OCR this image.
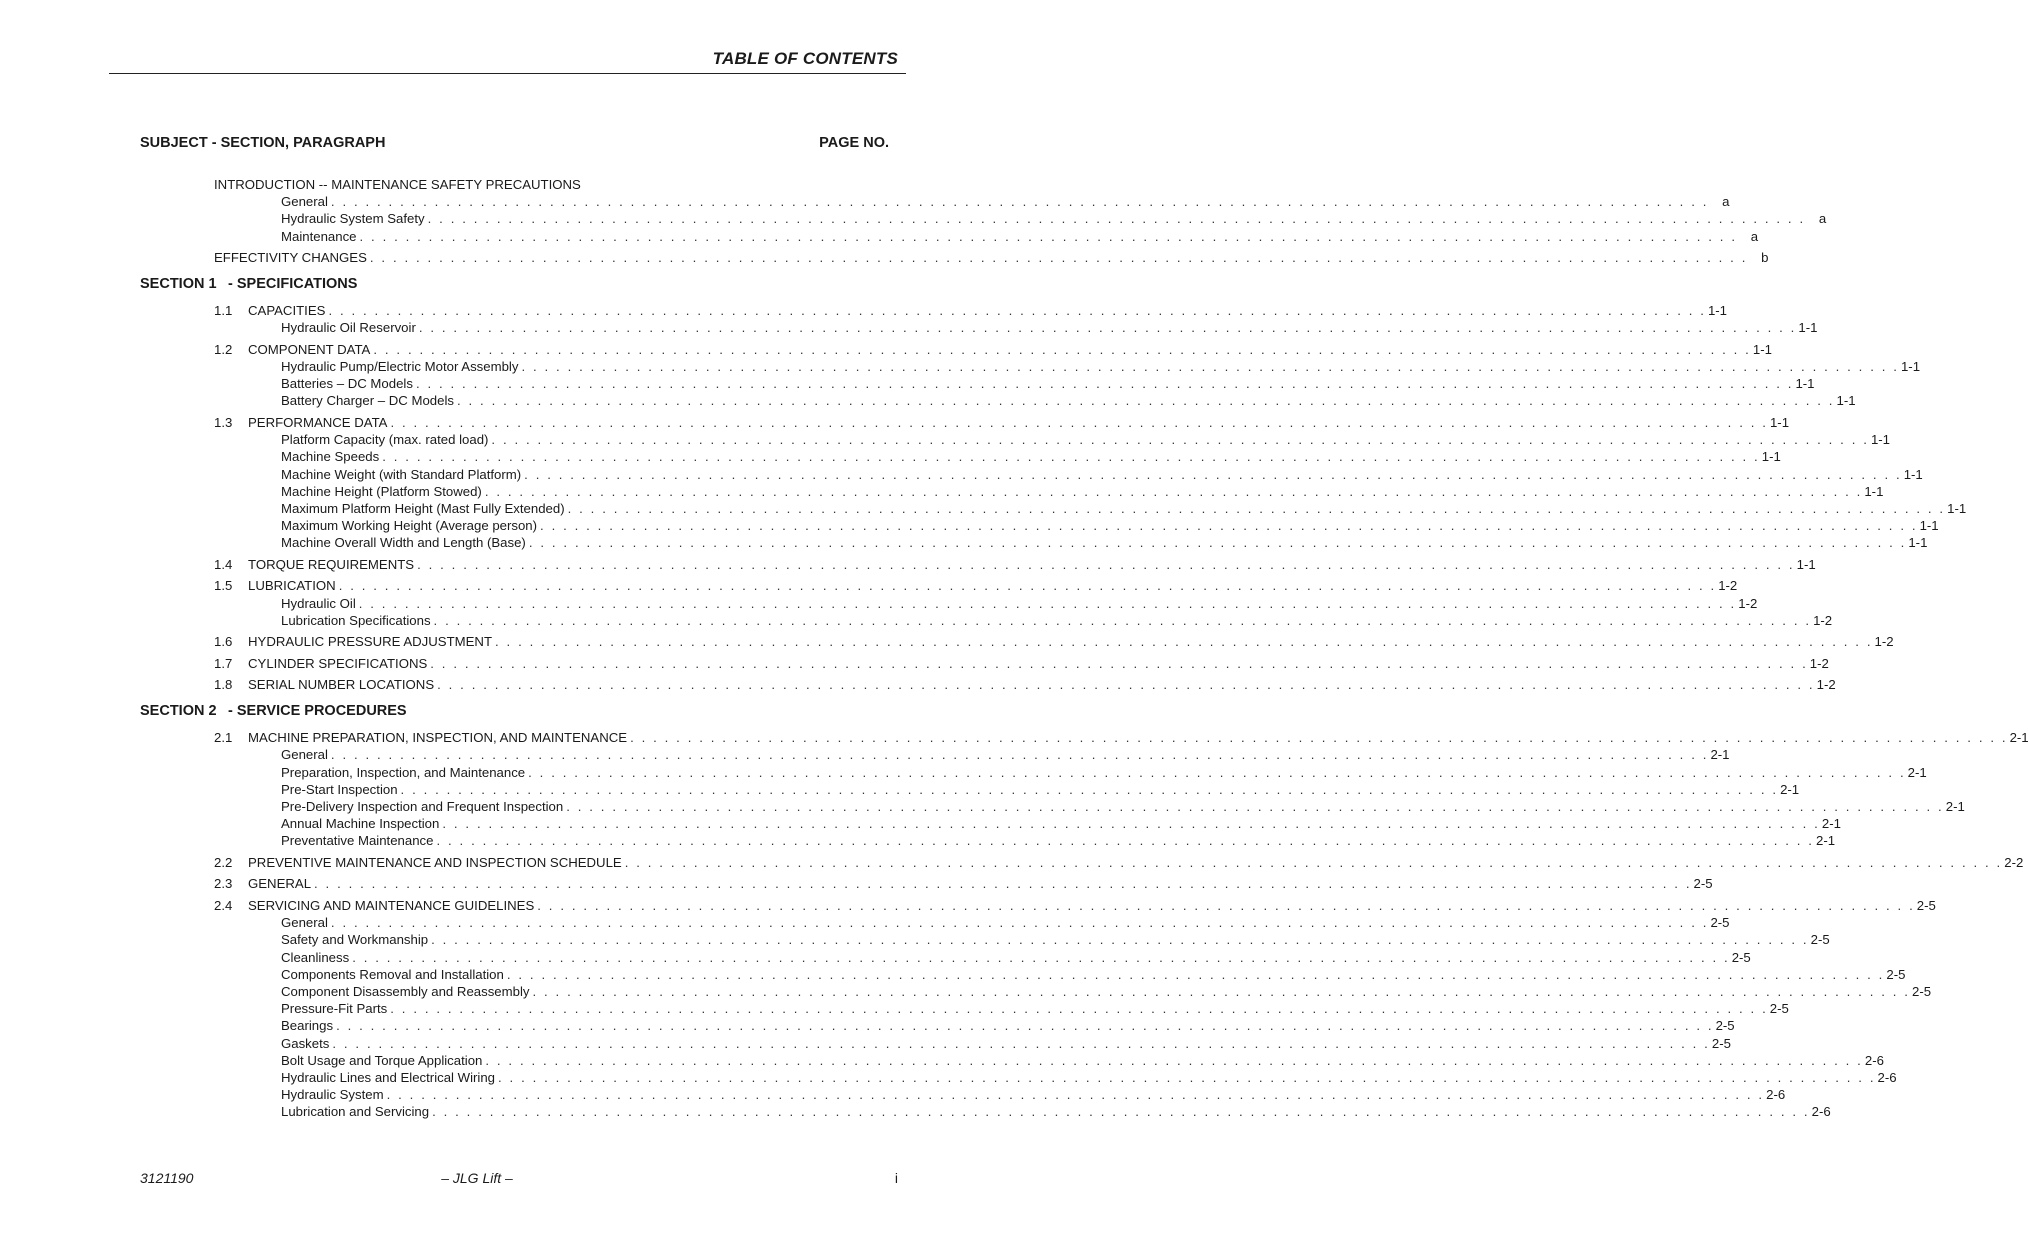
TABLE OF CONTENTS
SUBJECT - SECTION, PARAGRAPH	PAGE NO.
INTRODUCTION -- MAINTENANCE SAFETY PRECAUTIONS
General . . . . . . . . . . . . . . . . . . . . . . . . . . . . . . . . . . . . . . . . . . . . . . . . . . . . . . . . . . . . . . . . . . . . . . . . . . . . . . . . . . . . . . . . . . . . . . . . . . . . . . . . . . . . . . . . . . . . . . . .	a
Hydraulic System Safety . . . . . . . . . . . . . . . . . . . . . . . . . . . . . . . . . . . . . . . . . . . . . . . . . . . . . . . . . . . . . . . . . . . . . . . . . . . . . . . . . . . . . . . . . . . . . . . . . . . . . . . . . . . . . . . . . . . . . . . .	a
Maintenance . . . . . . . . . . . . . . . . . . . . . . . . . . . . . . . . . . . . . . . . . . . . . . . . . . . . . . . . . . . . . . . . . . . . . . . . . . . . . . . . . . . . . . . . . . . . . . . . . . . . . . . . . . . . . . . . . . . . . . . .	a
EFFECTIVITY CHANGES . . . . . . . . . . . . . . . . . . . . . . . . . . . . . . . . . . . . . . . . . . . . . . . . . . . . . . . . . . . . . . . . . . . . . . . . . . . . . . . . . . . . . . . . . . . . . . . . . . . . . . . . . . . . . . . . . . . . . . . .	b
SECTION 1 - SPECIFICATIONS
1.1 CAPACITIES . . . . . . . . . . . . . . . . . . . . . . . . . . . . . . . . . . . . . . . . . . . . . . . . . . . . . . . . . . . . . . . . . . . . . . . . . . . . . . . . . . . . . . . . . . . . . . . . . . . . . . . . . . . . . . . . . . . . . . . . 1-1
Hydraulic Oil Reservoir . . . . . . . . . . . . . . . . . . . . . . . . . . . . . . . . . . . . . . . . . . . . . . . . . . . . . . . . . . . . . . . . . . . . . . . . . . . . . . . . . . . . . . . . . . . . . . . . . . . . . . . . . . . . . . . . . . . . . . . . 1-1
1.2 COMPONENT DATA . . . . . . . . . . . . . . . . . . . . . . . . . . . . . . . . . . . . . . . . . . . . . . . . . . . . . . . . . . . . . . . . . . . . . . . . . . . . . . . . . . . . . . . . . . . . . . . . . . . . . . . . . . . . . . . . . . . . . . . . 1-1
Hydraulic Pump/Electric Motor Assembly . . . . . . . . . . . . . . . . . . . . . . . . . . . . . . . . . . . . . . . . . . . . . . . . . . . . . . . . . . . . . . . . . . . . . . . . . . . . . . . . . . . . . . . . . . . . . . . . . . . . . . . . . . . . . . . . . . . . . . . . 1-1
Batteries – DC Models . . . . . . . . . . . . . . . . . . . . . . . . . . . . . . . . . . . . . . . . . . . . . . . . . . . . . . . . . . . . . . . . . . . . . . . . . . . . . . . . . . . . . . . . . . . . . . . . . . . . . . . . . . . . . . . . . . . . . . . . 1-1
Battery Charger – DC Models . . . . . . . . . . . . . . . . . . . . . . . . . . . . . . . . . . . . . . . . . . . . . . . . . . . . . . . . . . . . . . . . . . . . . . . . . . . . . . . . . . . . . . . . . . . . . . . . . . . . . . . . . . . . . . . . . . . . . . . . 1-1
1.3 PERFORMANCE DATA . . . . . . . . . . . . . . . . . . . . . . . . . . . . . . . . . . . . . . . . . . . . . . . . . . . . . . . . . . . . . . . . . . . . . . . . . . . . . . . . . . . . . . . . . . . . . . . . . . . . . . . . . . . . . . . . . . . . . . . . 1-1
Platform Capacity (max. rated load) . . . . . . . . . . . . . . . . . . . . . . . . . . . . . . . . . . . . . . . . . . . . . . . . . . . . . . . . . . . . . . . . . . . . . . . . . . . . . . . . . . . . . . . . . . . . . . . . . . . . . . . . . . . . . . . . . . . . . . . . 1-1
Machine Speeds . . . . . . . . . . . . . . . . . . . . . . . . . . . . . . . . . . . . . . . . . . . . . . . . . . . . . . . . . . . . . . . . . . . . . . . . . . . . . . . . . . . . . . . . . . . . . . . . . . . . . . . . . . . . . . . . . . . . . . . . 1-1
Machine Weight (with Standard Platform) . . . . . . . . . . . . . . . . . . . . . . . . . . . . . . . . . . . . . . . . . . . . . . . . . . . . . . . . . . . . . . . . . . . . . . . . . . . . . . . . . . . . . . . . . . . . . . . . . . . . . . . . . . . . . . . . . . . . . . . . 1-1
Machine Height (Platform Stowed) . . . . . . . . . . . . . . . . . . . . . . . . . . . . . . . . . . . . . . . . . . . . . . . . . . . . . . . . . . . . . . . . . . . . . . . . . . . . . . . . . . . . . . . . . . . . . . . . . . . . . . . . . . . . . . . . . . . . . . . . 1-1
Maximum Platform Height (Mast Fully Extended) . . . . . . . . . . . . . . . . . . . . . . . . . . . . . . . . . . . . . . . . . . . . . . . . . . . . . . . . . . . . . . . . . . . . . . . . . . . . . . . . . . . . . . . . . . . . . . . . . . . . . . . . . . . . . . . . . . . . . . . . 1-1
Maximum Working Height (Average person) . . . . . . . . . . . . . . . . . . . . . . . . . . . . . . . . . . . . . . . . . . . . . . . . . . . . . . . . . . . . . . . . . . . . . . . . . . . . . . . . . . . . . . . . . . . . . . . . . . . . . . . . . . . . . . . . . . . . . . . . 1-1
Machine Overall Width and Length (Base) . . . . . . . . . . . . . . . . . . . . . . . . . . . . . . . . . . . . . . . . . . . . . . . . . . . . . . . . . . . . . . . . . . . . . . . . . . . . . . . . . . . . . . . . . . . . . . . . . . . . . . . . . . . . . . . . . . . . . . . . 1-1
1.4 TORQUE REQUIREMENTS . . . . . . . . . . . . . . . . . . . . . . . . . . . . . . . . . . . . . . . . . . . . . . . . . . . . . . . . . . . . . . . . . . . . . . . . . . . . . . . . . . . . . . . . . . . . . . . . . . . . . . . . . . . . . . . . . . . . . . . . 1-1
1.5 LUBRICATION . . . . . . . . . . . . . . . . . . . . . . . . . . . . . . . . . . . . . . . . . . . . . . . . . . . . . . . . . . . . . . . . . . . . . . . . . . . . . . . . . . . . . . . . . . . . . . . . . . . . . . . . . . . . . . . . . . . . . . . . 1-2
Hydraulic Oil . . . . . . . . . . . . . . . . . . . . . . . . . . . . . . . . . . . . . . . . . . . . . . . . . . . . . . . . . . . . . . . . . . . . . . . . . . . . . . . . . . . . . . . . . . . . . . . . . . . . . . . . . . . . . . . . . . . . . . . . 1-2
Lubrication Specifications . . . . . . . . . . . . . . . . . . . . . . . . . . . . . . . . . . . . . . . . . . . . . . . . . . . . . . . . . . . . . . . . . . . . . . . . . . . . . . . . . . . . . . . . . . . . . . . . . . . . . . . . . . . . . . . . . . . . . . . . 1-2
1.6 HYDRAULIC PRESSURE ADJUSTMENT . . . . . . . . . . . . . . . . . . . . . . . . . . . . . . . . . . . . . . . . . . . . . . . . . . . . . . . . . . . . . . . . . . . . . . . . . . . . . . . . . . . . . . . . . . . . . . . . . . . . . . . . . . . . . . . . . . . . . . . . 1-2
1.7 CYLINDER SPECIFICATIONS . . . . . . . . . . . . . . . . . . . . . . . . . . . . . . . . . . . . . . . . . . . . . . . . . . . . . . . . . . . . . . . . . . . . . . . . . . . . . . . . . . . . . . . . . . . . . . . . . . . . . . . . . . . . . . . . . . . . . . . . 1-2
1.8 SERIAL NUMBER LOCATIONS . . . . . . . . . . . . . . . . . . . . . . . . . . . . . . . . . . . . . . . . . . . . . . . . . . . . . . . . . . . . . . . . . . . . . . . . . . . . . . . . . . . . . . . . . . . . . . . . . . . . . . . . . . . . . . . . . . . . . . . . 1-2
SECTION 2 - SERVICE PROCEDURES
2.1 MACHINE PREPARATION, INSPECTION, AND MAINTENANCE . . . . . . . . . . . . . . . . . . . . . . . . . . . . . . . . . . . . . . . . . . . . . . . . . . . . . . . . . . . . . . . . . . . . . . . . . . . . . . . . . . . . . . . . . . . . . . . . . . . . . . . . . . . . . . . . . . . . . . . . 2-1
General . . . . . . . . . . . . . . . . . . . . . . . . . . . . . . . . . . . . . . . . . . . . . . . . . . . . . . . . . . . . . . . . . . . . . . . . . . . . . . . . . . . . . . . . . . . . . . . . . . . . . . . . . . . . . . . . . . . . . . . . 2-1
Preparation, Inspection, and Maintenance . . . . . . . . . . . . . . . . . . . . . . . . . . . . . . . . . . . . . . . . . . . . . . . . . . . . . . . . . . . . . . . . . . . . . . . . . . . . . . . . . . . . . . . . . . . . . . . . . . . . . . . . . . . . . . . . . . . . . . . . 2-1
Pre-Start Inspection . . . . . . . . . . . . . . . . . . . . . . . . . . . . . . . . . . . . . . . . . . . . . . . . . . . . . . . . . . . . . . . . . . . . . . . . . . . . . . . . . . . . . . . . . . . . . . . . . . . . . . . . . . . . . . . . . . . . . . . . 2-1
Pre-Delivery Inspection and Frequent Inspection . . . . . . . . . . . . . . . . . . . . . . . . . . . . . . . . . . . . . . . . . . . . . . . . . . . . . . . . . . . . . . . . . . . . . . . . . . . . . . . . . . . . . . . . . . . . . . . . . . . . . . . . . . . . . . . . . . . . . . . . 2-1
Annual Machine Inspection . . . . . . . . . . . . . . . . . . . . . . . . . . . . . . . . . . . . . . . . . . . . . . . . . . . . . . . . . . . . . . . . . . . . . . . . . . . . . . . . . . . . . . . . . . . . . . . . . . . . . . . . . . . . . . . . . . . . . . . . 2-1
Preventative Maintenance . . . . . . . . . . . . . . . . . . . . . . . . . . . . . . . . . . . . . . . . . . . . . . . . . . . . . . . . . . . . . . . . . . . . . . . . . . . . . . . . . . . . . . . . . . . . . . . . . . . . . . . . . . . . . . . . . . . . . . . . 2-1
2.2 PREVENTIVE MAINTENANCE AND INSPECTION SCHEDULE . . . . . . . . . . . . . . . . . . . . . . . . . . . . . . . . . . . . . . . . . . . . . . . . . . . . . . . . . . . . . . . . . . . . . . . . . . . . . . . . . . . . . . . . . . . . . . . . . . . . . . . . . . . . . . . . . . . . . . . . 2-2
2.3 GENERAL . . . . . . . . . . . . . . . . . . . . . . . . . . . . . . . . . . . . . . . . . . . . . . . . . . . . . . . . . . . . . . . . . . . . . . . . . . . . . . . . . . . . . . . . . . . . . . . . . . . . . . . . . . . . . . . . . . . . . . . . 2-5
2.4 SERVICING AND MAINTENANCE GUIDELINES . . . . . . . . . . . . . . . . . . . . . . . . . . . . . . . . . . . . . . . . . . . . . . . . . . . . . . . . . . . . . . . . . . . . . . . . . . . . . . . . . . . . . . . . . . . . . . . . . . . . . . . . . . . . . . . . . . . . . . . . 2-5
General . . . . . . . . . . . . . . . . . . . . . . . . . . . . . . . . . . . . . . . . . . . . . . . . . . . . . . . . . . . . . . . . . . . . . . . . . . . . . . . . . . . . . . . . . . . . . . . . . . . . . . . . . . . . . . . . . . . . . . . . 2-5
Safety and Workmanship . . . . . . . . . . . . . . . . . . . . . . . . . . . . . . . . . . . . . . . . . . . . . . . . . . . . . . . . . . . . . . . . . . . . . . . . . . . . . . . . . . . . . . . . . . . . . . . . . . . . . . . . . . . . . . . . . . . . . . . . 2-5
Cleanliness . . . . . . . . . . . . . . . . . . . . . . . . . . . . . . . . . . . . . . . . . . . . . . . . . . . . . . . . . . . . . . . . . . . . . . . . . . . . . . . . . . . . . . . . . . . . . . . . . . . . . . . . . . . . . . . . . . . . . . . . 2-5
Components Removal and Installation . . . . . . . . . . . . . . . . . . . . . . . . . . . . . . . . . . . . . . . . . . . . . . . . . . . . . . . . . . . . . . . . . . . . . . . . . . . . . . . . . . . . . . . . . . . . . . . . . . . . . . . . . . . . . . . . . . . . . . . . 2-5
Component Disassembly and Reassembly . . . . . . . . . . . . . . . . . . . . . . . . . . . . . . . . . . . . . . . . . . . . . . . . . . . . . . . . . . . . . . . . . . . . . . . . . . . . . . . . . . . . . . . . . . . . . . . . . . . . . . . . . . . . . . . . . . . . . . . . 2-5
Pressure-Fit Parts . . . . . . . . . . . . . . . . . . . . . . . . . . . . . . . . . . . . . . . . . . . . . . . . . . . . . . . . . . . . . . . . . . . . . . . . . . . . . . . . . . . . . . . . . . . . . . . . . . . . . . . . . . . . . . . . . . . . . . . . 2-5
Bearings . . . . . . . . . . . . . . . . . . . . . . . . . . . . . . . . . . . . . . . . . . . . . . . . . . . . . . . . . . . . . . . . . . . . . . . . . . . . . . . . . . . . . . . . . . . . . . . . . . . . . . . . . . . . . . . . . . . . . . . . 2-5
Gaskets . . . . . . . . . . . . . . . . . . . . . . . . . . . . . . . . . . . . . . . . . . . . . . . . . . . . . . . . . . . . . . . . . . . . . . . . . . . . . . . . . . . . . . . . . . . . . . . . . . . . . . . . . . . . . . . . . . . . . . . . 2-5
Bolt Usage and Torque Application . . . . . . . . . . . . . . . . . . . . . . . . . . . . . . . . . . . . . . . . . . . . . . . . . . . . . . . . . . . . . . . . . . . . . . . . . . . . . . . . . . . . . . . . . . . . . . . . . . . . . . . . . . . . . . . . . . . . . . . . 2-6
Hydraulic Lines and Electrical Wiring . . . . . . . . . . . . . . . . . . . . . . . . . . . . . . . . . . . . . . . . . . . . . . . . . . . . . . . . . . . . . . . . . . . . . . . . . . . . . . . . . . . . . . . . . . . . . . . . . . . . . . . . . . . . . . . . . . . . . . . . 2-6
Hydraulic System . . . . . . . . . . . . . . . . . . . . . . . . . . . . . . . . . . . . . . . . . . . . . . . . . . . . . . . . . . . . . . . . . . . . . . . . . . . . . . . . . . . . . . . . . . . . . . . . . . . . . . . . . . . . . . . . . . . . . . . . 2-6
Lubrication and Servicing . . . . . . . . . . . . . . . . . . . . . . . . . . . . . . . . . . . . . . . . . . . . . . . . . . . . . . . . . . . . . . . . . . . . . . . . . . . . . . . . . . . . . . . . . . . . . . . . . . . . . . . . . . . . . . . . . . . . . . . . 2-6
3121190	– JLG Lift –	i
